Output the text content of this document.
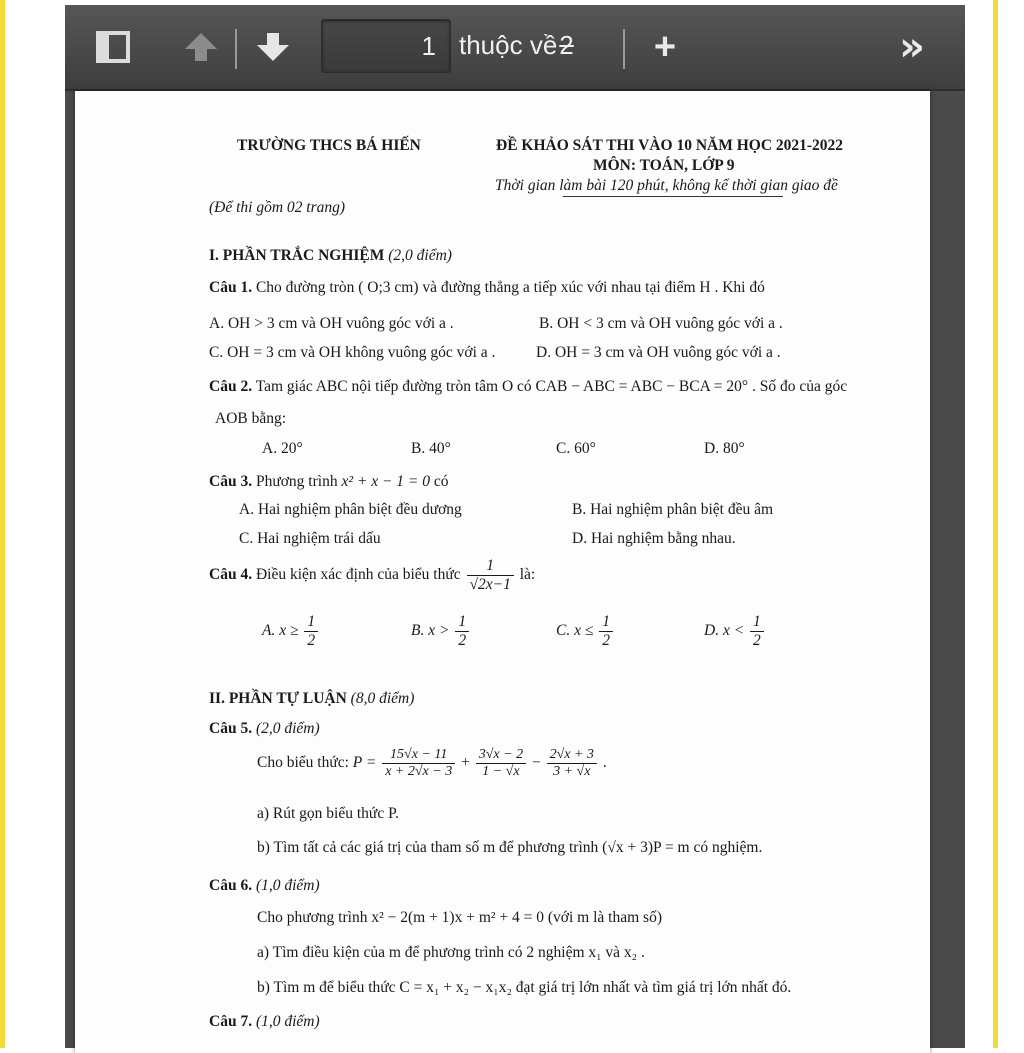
1 thuộc về 2 +	»
TRƯỜNG THCS BÁ HIẾN	ĐỀ KHẢO SÁT THI VÀO 10 NĂM HỌC 2021-2022
MÔN: TOÁN, LỚP 9
Thời gian làm bài 120 phút, không kể thời gian giao đề
(Để thi gồm 02 trang)
I. PHẦN TRẮC NGHIỆM (2,0 điểm)
Câu 1. Cho đường tròn ( O;3 cm) và đường thẳng a tiếp xúc với nhau tại điểm H . Khi đó
A. OH > 3 cm và OH vuông góc với a .	B. OH < 3 cm và OH vuông góc với a .
C. OH = 3 cm và OH không vuông góc với a .	D. OH = 3 cm và OH vuông góc với a .
Câu 2. Tam giác ABC nội tiếp đường tròn tâm O có CAB − ABC = ABC − BCA = 20° . Số đo của góc
AOB bằng:
A. 20°	B. 40°	C. 60°	D. 80°
Câu 3. Phương trình x² + x − 1 = 0 có
A. Hai nghiệm phân biệt đều dương	B. Hai nghiệm phân biệt đều âm
C. Hai nghiệm trái dấu	D. Hai nghiệm bằng nhau.
Câu 4. Điều kiện xác định của biểu thức $\frac{1}{√2x-1}$ là:
A. $x \ge \frac{1}{2}$	B. $x > \frac{1}{2}$	C. $x \le \frac{1}{2}$	D. $x < \frac{1}{2}$
II. PHẦN TỰ LUẬN (8,0 điểm)
Câu 5. (2,0 điểm)
Cho biểu thức: $P = \frac{15√x - 11}{x + 2√x - 3} + \frac{3√x - 2}{1 - √x} - \frac{2√x + 3}{3 + √x}$ .
a) Rút gọn biểu thức P.
b) Tìm tất cả các giá trị của tham số m để phương trình (√x + 3)P = m có nghiệm.
Câu 6. (1,0 điểm)
Cho phương trình x² − 2(m + 1)x + m² + 4 = 0 (với m là tham số)
a) Tìm điều kiện của m để phương trình có 2 nghiệm x₁ và x₂ .
b) Tìm m để biểu thức C = x₁ + x₂ − x₁x₂ đạt giá trị lớn nhất và tìm giá trị lớn nhất đó.
Câu 7. (1,0 điểm)
